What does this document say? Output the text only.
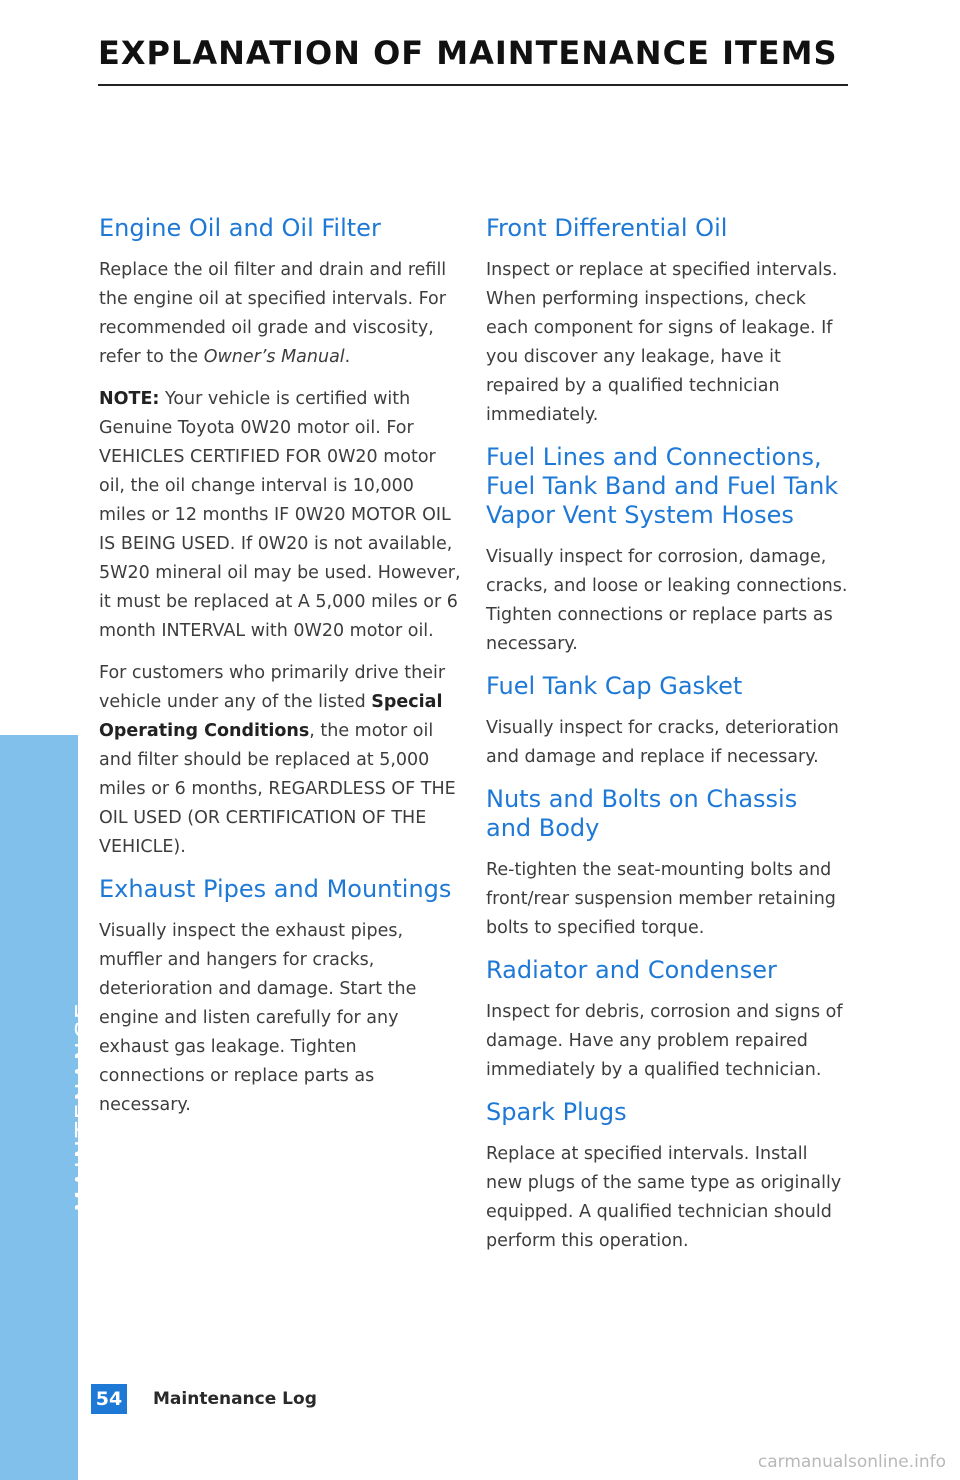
EXPLANATION OF MAINTENANCE ITEMS
Engine Oil and Oil Filter

Replace the oil filter and drain and refill the engine oil at specified intervals. For recommended oil grade and viscosity, refer to the Owner’s Manual.

NOTE: Your vehicle is certified with Genuine Toyota 0W20 motor oil. For VEHICLES CERTIFIED FOR 0W20 motor oil, the oil change interval is 10,000 miles or 12 months IF 0W20 MOTOR OIL IS BEING USED. If 0W20 is not available, 5W20 mineral oil may be used. However, it must be replaced at A 5,000 miles or 6 month INTERVAL with 0W20 motor oil.

For customers who primarily drive their vehicle under any of the listed Special Operating Conditions, the motor oil and filter should be replaced at 5,000 miles or 6 months, REGARDLESS OF THE OIL USED (OR CERTIFICATION OF THE VEHICLE).

Exhaust Pipes and Mountings

Visually inspect the exhaust pipes, muffler and hangers for cracks, deterioration and damage. Start the engine and listen carefully for any exhaust gas leakage. Tighten connections or replace parts as necessary.

Front Differential Oil

Inspect or replace at specified intervals. When performing inspections, check each component for signs of leakage. If you discover any leakage, have it repaired by a qualified technician immediately.

Fuel Lines and Connections, Fuel Tank Band and Fuel Tank Vapor Vent System Hoses

Visually inspect for corrosion, damage, cracks, and loose or leaking connections. Tighten connections or replace parts as necessary.

Fuel Tank Cap Gasket

Visually inspect for cracks, deterioration and damage and replace if necessary.

Nuts and Bolts on Chassis and Body

Re-tighten the seat-mounting bolts and front/rear suspension member retaining bolts to specified torque.

Radiator and Condenser

Inspect for debris, corrosion and signs of damage. Have any problem repaired immediately by a qualified technician.

Spark Plugs

Replace at specified intervals. Install new plugs of the same type as originally equipped. A qualified technician should perform this operation.

MAINTENANCE
54 Maintenance Log
carmanualsonline.info
